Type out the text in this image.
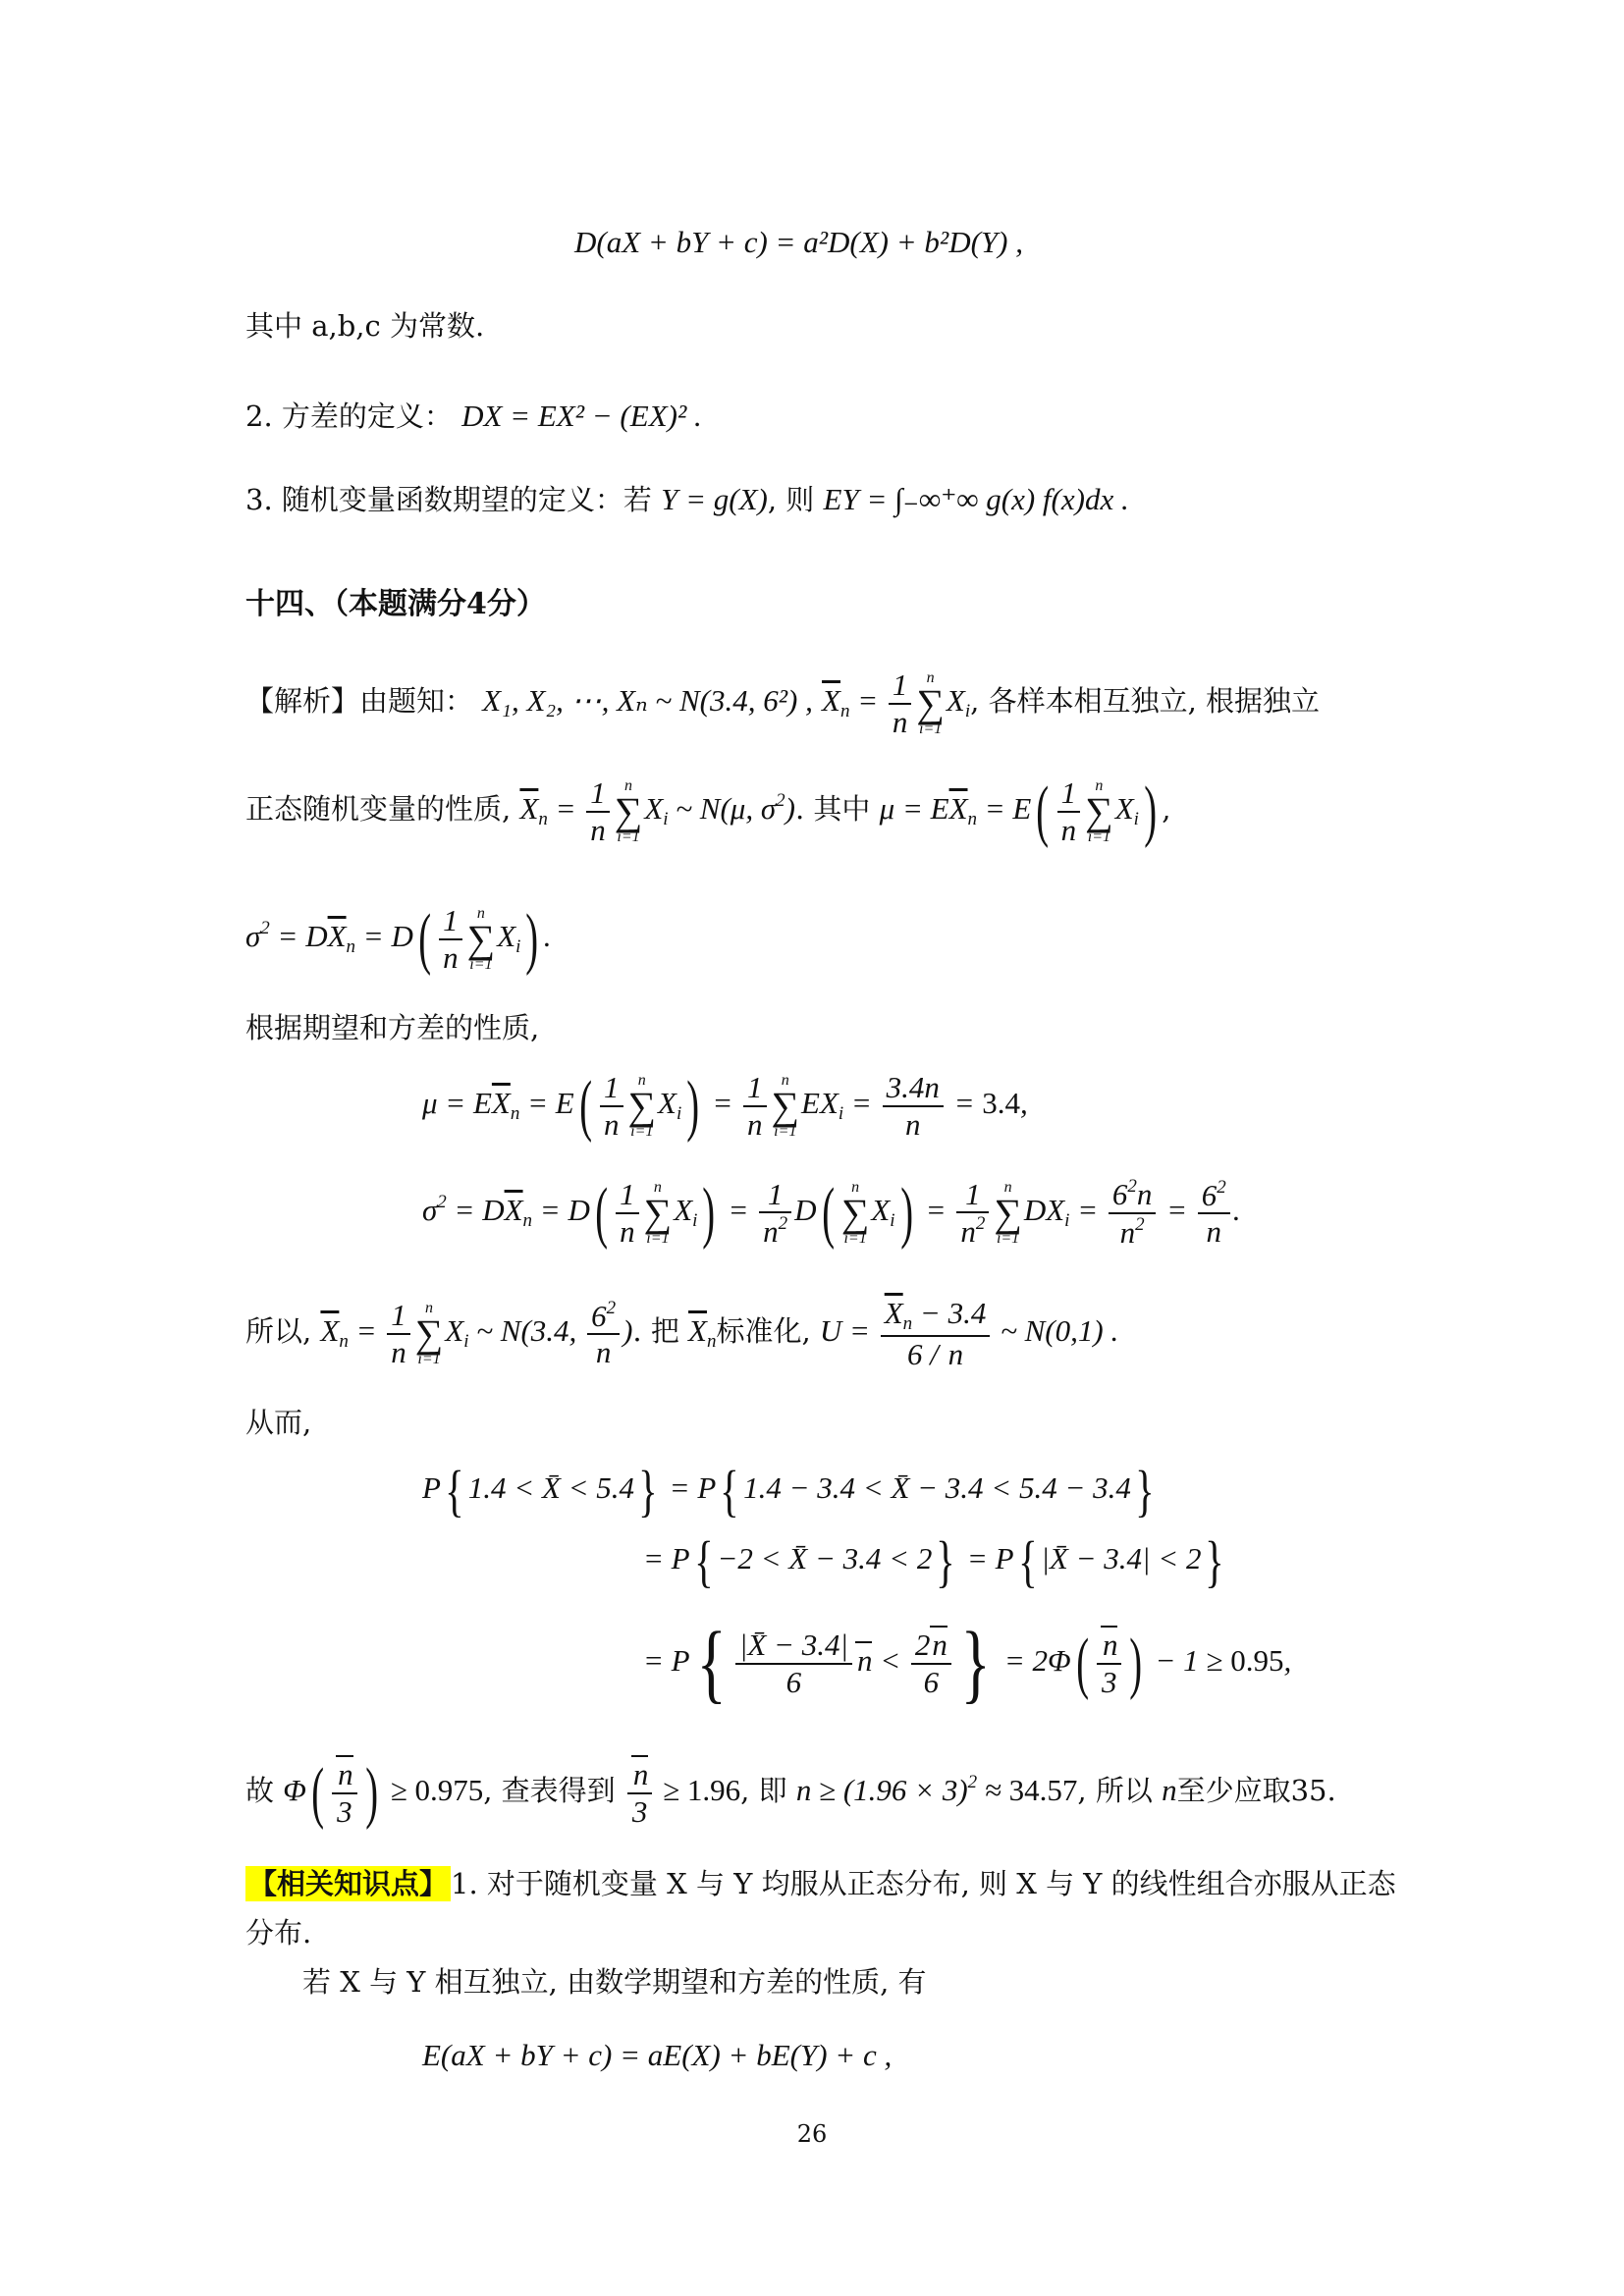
D(aX + bY + c) = a²D(X) + b²D(Y) ,
其中 a,b,c 为常数.
2. 方差的定义： DX = EX² − (EX)² .
3. 随机变量函数期望的定义：若 Y = g(X), 则 EY = ∫₋∞⁺∞ g(x) f(x)dx .
十四、（本题满分4分）
【解析】由题知： X₁, X₂, ⋯, Xₙ ~ N(3.4, 6²) , $\overline{X}_n = \frac{1}{n}$ n
∑
i=1
$X_i$, 各样本相互独立, 根据独立
正态随机变量的性质, $\overline{X}_n = \frac{1}{n}$ n
∑
i=1
$X_i$ ~ N(μ, $\sigma^2$). 其中 $\mu = E\overline{X}_n = E( \frac{1}{n}$ n
∑
i=1
$X_i$) ,
$\sigma^2 = D\overline{X}_n = D( \frac{1}{n}$ n
∑
i=1
$X_i$) .
根据期望和方差的性质,
$\mu = E\overline{X}_n = E( \frac{1}{n}$ n
∑
i=1
$X_i) = \frac{1}{n}$ n
∑
i=1
$EX_i = \frac{3.4n}{n} = 3.4$,
$\sigma^2 = D\overline{X}_n = D( \frac{1}{n}$ n
∑
i=1
$X_i) = \frac{1}{n^2} D$(	n
∑
i=1
$X_i) = \frac{1}{n^2}$ n
∑
i=1
$DX_i = \frac{6^2n}{n^2} = \frac{6^2}{n}$ .
所以, $\overline{X}_n = \frac{1}{n}$ n
∑
i=1
$X_i$ ~ N(3.4, $\frac{6^2}{n}$ ). 把 $\overline{X}_n$标准化, $U = \frac{\overline{X}_n - 3.4}{6 / n}$ ~ N(0,1) .
从而,
P{ 1.4 < X̄ < 5.4} = P{ 1.4 − 3.4 < X̄ − 3.4 < 5.4 − 3.4}
= P{ −2 < X̄ − 3.4 < 2} = P{ |X̄ − 3.4| < 2}
= $P\{ \frac{|X̄ - 3.4|}{6}$ $n < \frac{2n}{6}$ } = $2\Phi( \frac{n}{3}$ ) − 1 ≥ 0.95,
故 $\Phi( \frac{n}{3}$ ) ≥ 0.975, 查表得到 $\frac{n}{3} \ge 1.96$, 即 $n \ge (1.96 \times 3)^2 \approx 34.57$, 所以 n至少应取35.
【相关知识点】 1. 对于随机变量 X 与 Y 均服从正态分布, 则 X 与 Y 的线性组合亦服从正态
分布.
若 X 与 Y 相互独立, 由数学期望和方差的性质, 有
E(aX + bY + c) = aE(X) + bE(Y) + c ,
26
